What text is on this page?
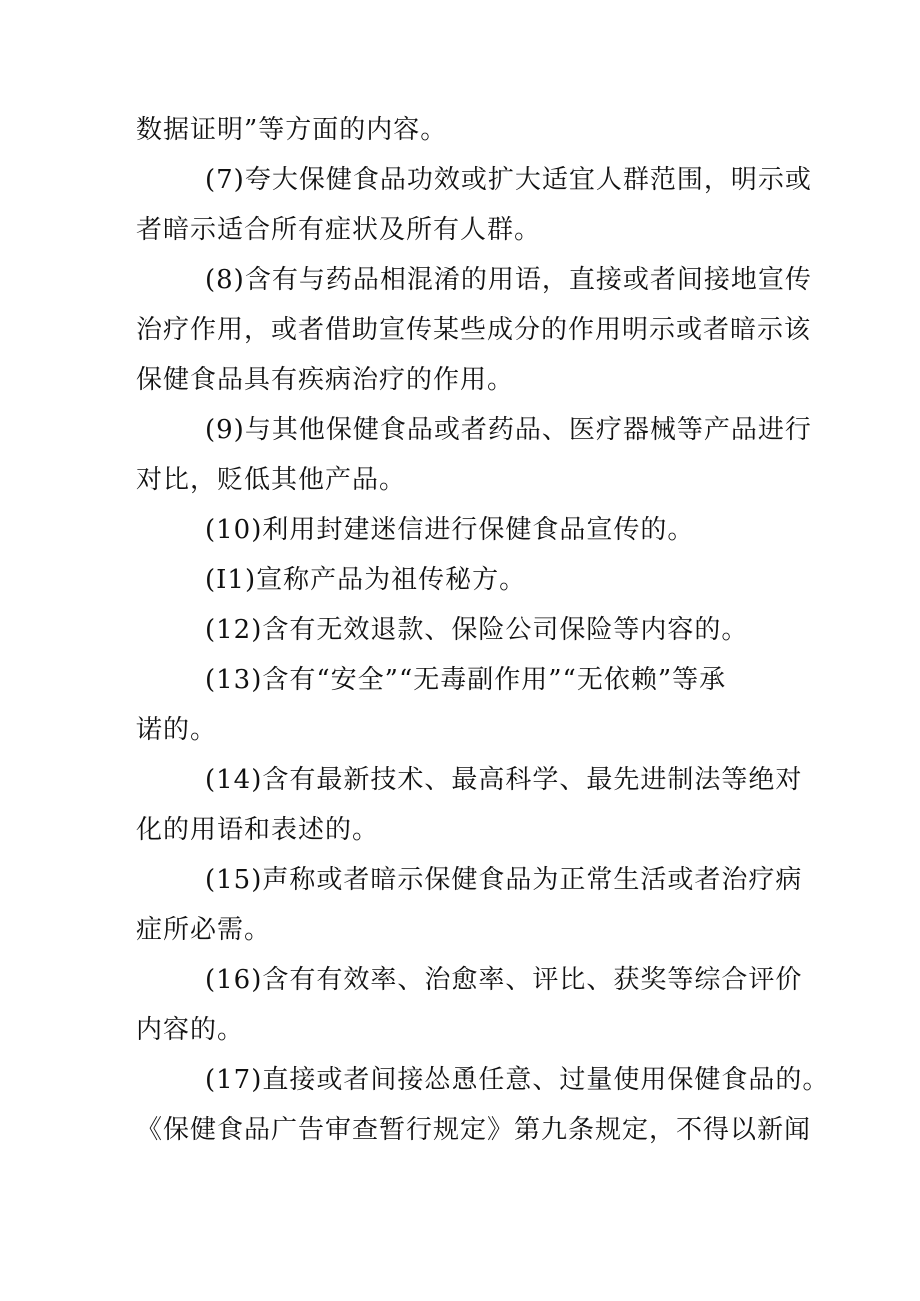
数据证明”等方面的内容。
(7)夸大保健食品功效或扩大适宜人群范围，明示或
者暗示适合所有症状及所有人群。
(8)含有与药品相混淆的用语，直接或者间接地宣传
治疗作用，或者借助宣传某些成分的作用明示或者暗示该
保健食品具有疾病治疗的作用。
(9)与其他保健食品或者药品、医疗器械等产品进行
对比，贬低其他产品。
(10)利用封建迷信进行保健食品宣传的。
(I1)宣称产品为祖传秘方。
(12)含有无效退款、保险公司保险等内容的。
(13)含有“安全”“无毒副作用”“无依赖”等承
诺的。
(14)含有最新技术、最高科学、最先进制法等绝对
化的用语和表述的。
(15)声称或者暗示保健食品为正常生活或者治疗病
症所必需。
(16)含有有效率、治愈率、评比、获奖等综合评价
内容的。
(17)直接或者间接怂恿任意、过量使用保健食品的。
《保健食品广告审查暂行规定》第九条规定，不得以新闻
